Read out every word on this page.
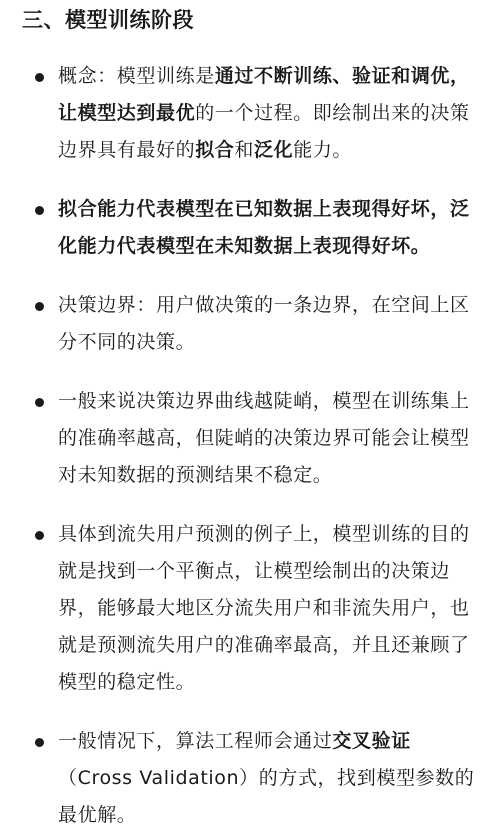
三、模型训练阶段
概念：模型训练是通过不断训练、验证和调优，让模型达到最优的一个过程。即绘制出来的决策边界具有最好的拟合和泛化能力。
拟合能力代表模型在已知数据上表现得好坏，泛化能力代表模型在未知数据上表现得好坏。
决策边界：用户做决策的一条边界，在空间上区分不同的决策。
一般来说决策边界曲线越陡峭，模型在训练集上的准确率越高，但陡峭的决策边界可能会让模型对未知数据的预测结果不稳定。
具体到流失用户预测的例子上，模型训练的目的就是找到一个平衡点，让模型绘制出的决策边界，能够最大地区分流失用户和非流失用户，也就是预测流失用户的准确率最高，并且还兼顾了模型的稳定性。
一般情况下，算法工程师会通过交叉验证（Cross Validation）的方式，找到模型参数的最优解。
